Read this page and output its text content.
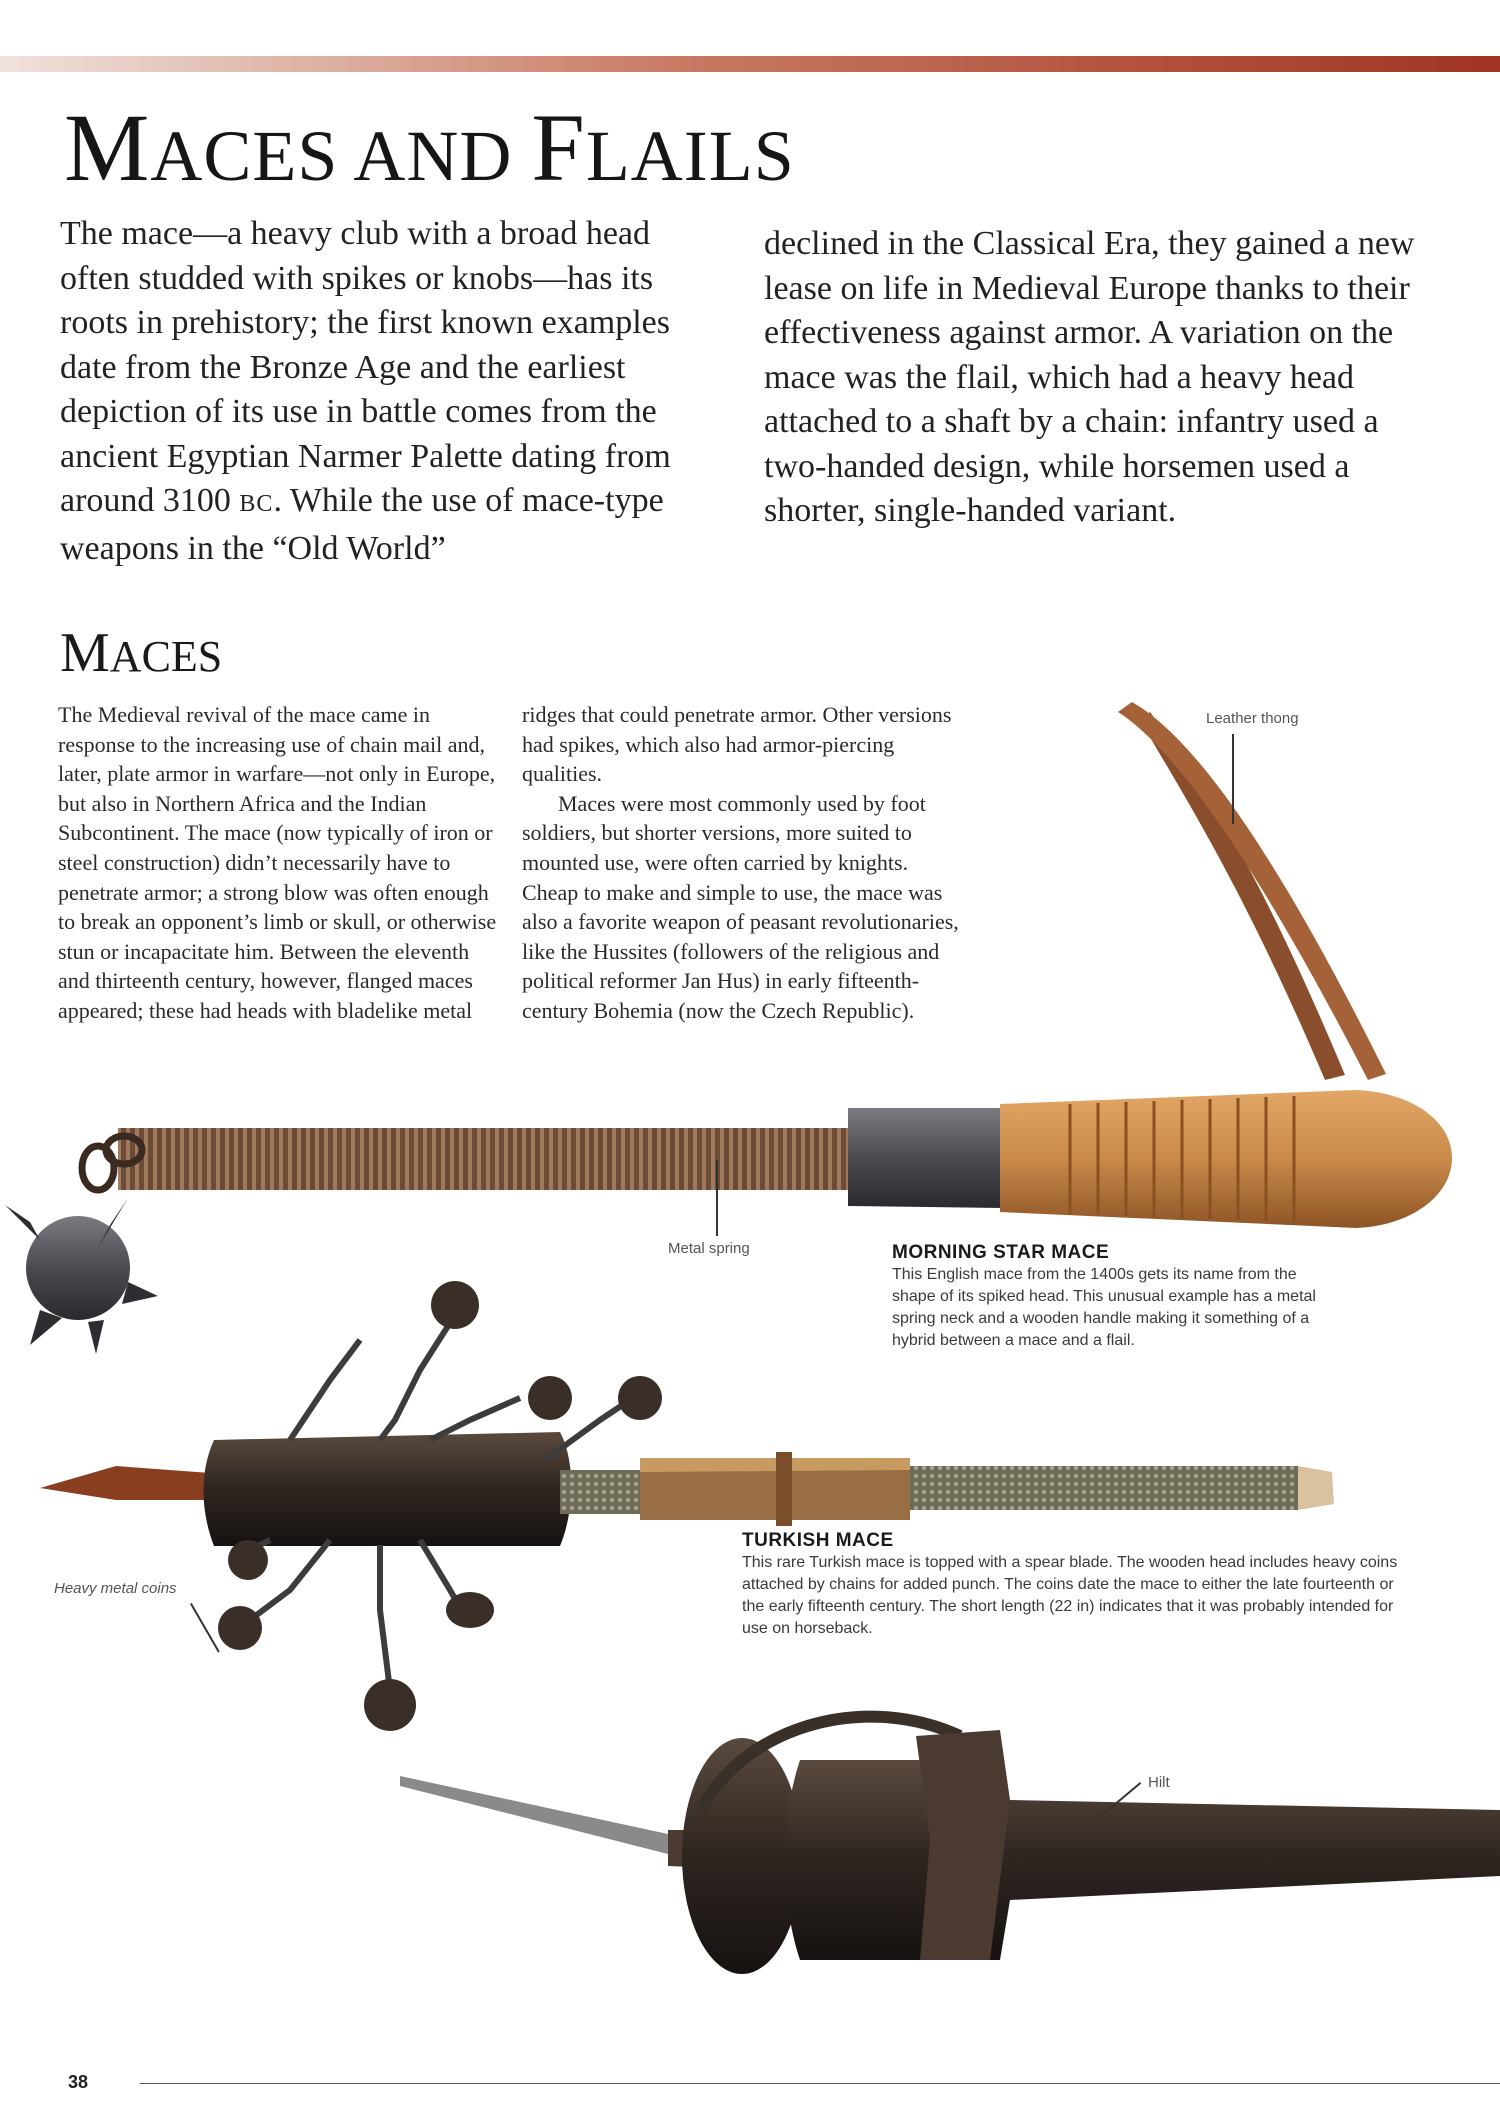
MACES AND FLAILS

The mace—a heavy club with a broad head often studded with spikes or knobs—has its roots in prehistory; the first known examples date from the Bronze Age and the earliest depiction of its use in battle comes from the ancient Egyptian Narmer Palette dating from around 3100 BC. While the use of mace-type weapons in the “Old World”

declined in the Classical Era, they gained a new lease on life in Medieval Europe thanks to their effectiveness against armor. A variation on the mace was the flail, which had a heavy head attached to a shaft by a chain: infantry used a two-handed design, while horsemen used a shorter, single-handed variant.

MACES

The Medieval revival of the mace came in response to the increasing use of chain mail and, later, plate armor in warfare—not only in Europe, but also in Northern Africa and the Indian Subcontinent. The mace (now typically of iron or steel construction) didn’t necessarily have to penetrate armor; a strong blow was often enough to break an opponent’s limb or skull, or otherwise stun or incapacitate him. Between the eleventh and thirteenth century, however, flanged maces appeared; these had heads with bladelike metal

ridges that could penetrate armor. Other versions had spikes, which also had armor-piercing qualities.

Maces were most commonly used by foot soldiers, but shorter versions, more suited to mounted use, were often carried by knights. Cheap to make and simple to use, the mace was also a favorite weapon of peasant revolutionaries, like the Hussites (followers of the religious and political reformer Jan Hus) in early fifteenth-century Bohemia (now the Czech Republic).

Leather thong
Metal spring
Heavy metal coins
Hilt
MORNING STAR MACE

This English mace from the 1400s gets its name from the shape of its spiked head. This unusual example has a metal spring neck and a wooden handle making it something of a hybrid between a mace and a flail.

TURKISH MACE

This rare Turkish mace is topped with a spear blade. The wooden head includes heavy coins attached by chains for added punch. The coins date the mace to either the late fourteenth or the early fifteenth century. The short length (22 in) indicates that it was probably intended for use on horseback.

38
